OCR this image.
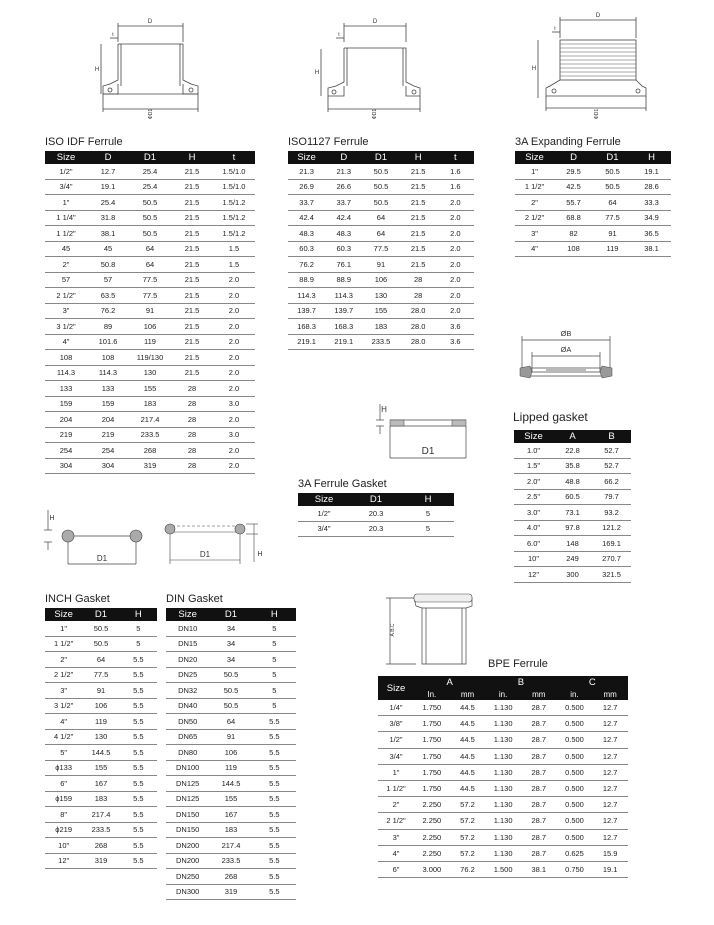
D
t
H
ΦD1
D
t
H
ΦD1
D
t
H
ΦD1
ØB
ØA
H
D1
H
D1	D1	H
A.B.C
ISO IDF Ferrule	ISO1127 Ferrule	3A Expanding Ferrule
Lipped gasket
3A Ferrule Gasket
INCH Gasket	DIN Gasket
BPE Ferrule
Size	D	D1	H	t
1/2"	12.7	25.4	21.5	1.5/1.0
3/4"	19.1	25.4	21.5	1.5/1.0
1"	25.4	50.5	21.5	1.5/1.2
1 1/4"	31.8	50.5	21.5	1.5/1.2
1 1/2"	38.1	50.5	21.5	1.5/1.2
45	45	64	21.5	1.5
2"	50.8	64	21.5	1.5
57	57	77.5	21.5	2.0
2 1/2"	63.5	77.5	21.5	2.0
3"	76.2	91	21.5	2.0
3 1/2"	89	106	21.5	2.0
4"	101.6	119	21.5	2.0
108	108	119/130	21.5	2.0
114.3	114.3	130	21.5	2.0
133	133	155	28	2.0
159	159	183	28	3.0
204	204	217.4	28	2.0
219	219	233.5	28	3.0
254	254	268	28	2.0
304	304	319	28	2.0
Size	D	D1	H	t
21.3	21.3	50.5	21.5	1.6
26.9	26.6	50.5	21.5	1.6
33.7	33.7	50.5	21.5	2.0
42.4	42.4	64	21.5	2.0
48.3	48.3	64	21.5	2.0
60.3	60.3	77.5	21.5	2.0
76.2	76.1	91	21.5	2.0
88.9	88.9	106	28	2.0
114.3	114.3	130	28	2.0
139.7	139.7	155	28.0	2.0
168.3	168.3	183	28.0	3.6
219.1	219.1	233.5	28.0	3.6
Size	D	D1	H
1"	29.5	50.5	19.1
1 1/2"	42.5	50.5	28.6
2"	55.7	64	33.3
2 1/2"	68.8	77.5	34.9
3"	82	91	36.5
4"	108	119	38.1
Size	A	B
1.0"	22.8	52.7
1.5"	35.8	52.7
2.0"	48.8	66.2
2.5"	60.5	79.7
3.0"	73.1	93.2
4.0"	97.8	121.2
6.0"	148	169.1
10"	249	270.7
12"	300	321.5
Size	D1	H
1/2"	20.3	5
3/4"	20.3	5
Size	D1	H
1"	50.5	5
1 1/2"	50.5	5
2"	64	5.5
2 1/2"	77.5	5.5
3"	91	5.5
3 1/2"	106	5.5
4"	119	5.5
4 1/2"	130	5.5
5"	144.5	5.5
ϕ133	155	5.5
6"	167	5.5
ϕ159	183	5.5
8"	217.4	5.5
ϕ219	233.5	5.5
10"	268	5.5
12"	319	5.5
Size	D1	H
DN10	34	5
DN15	34	5
DN20	34	5
DN25	50.5	5
DN32	50.5	5
DN40	50.5	5
DN50	64	5.5
DN65	91	5.5
DN80	106	5.5
DN100	119	5.5
DN125	144.5	5.5
DN125	155	5.5
DN150	167	5.5
DN150	183	5.5
DN200	217.4	5.5
DN200	233.5	5.5
DN250	268	5.5
DN300	319	5.5
Size	A		B		C	
	In.	mm	in.	mm	in.	mm
1/4"	1.750	44.5	1.130	28.7	0.500	12.7
3/8"	1.750	44.5	1.130	28.7	0.500	12.7
1/2"	1.750	44.5	1.130	28.7	0.500	12.7
3/4"	1.750	44.5	1.130	28.7	0.500	12.7
1"	1.750	44.5	1.130	28.7	0.500	12.7
1 1/2"	1.750	44.5	1.130	28.7	0.500	12.7
2"	2.250	57.2	1.130	28.7	0.500	12.7
2 1/2"	2.250	57.2	1.130	28.7	0.500	12.7
3"	2.250	57.2	1.130	28.7	0.500	12.7
4"	2.250	57.2	1.130	28.7	0.625	15.9
6"	3.000	76.2	1.500	38.1	0.750	19.1
